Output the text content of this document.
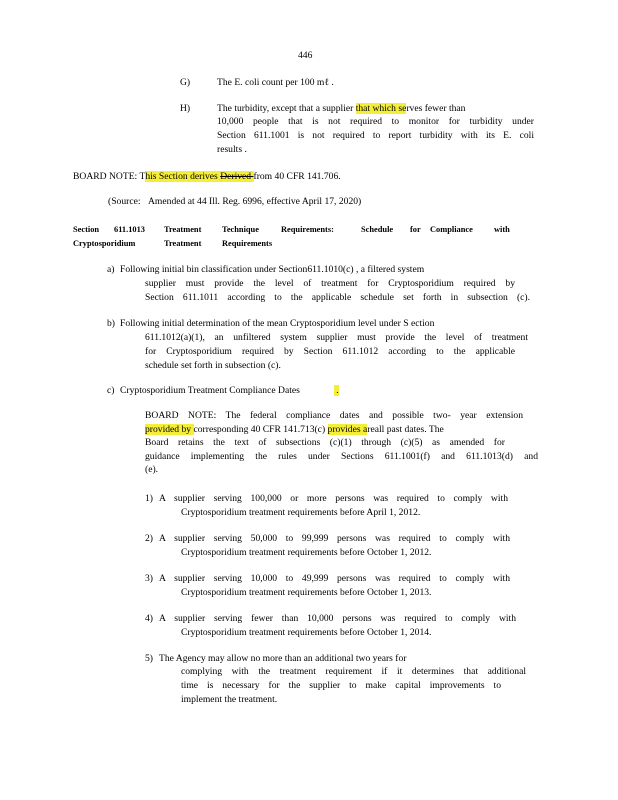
446
G)	The E. coli count per 100 mℓ .
H)	The turbidity, except that a supplier that which serves fewer than
10,000 people that is not required to monitor for turbidity under
Section 611.1001 is not required to report turbidity with its E. coli
results .
BOARD NOTE: This Section derives Derived from 40 CFR 141.706.
(Source: Amended at 44 Ill. Reg. 6996, effective April 17, 2020)
Section 611.1013 Treatment Technique	Requirements:	Schedule for Compliance	with
Cryptosporidium	Treatment Requirements
a) Following initial bin classification under Section611.1010(c) , a filtered system
supplier must provide the level of treatment for Cryptosporidium required by
Section 611.1011 according to the applicable schedule set forth in subsection (c).
b) Following initial determination of the mean Cryptosporidium level under S ection
611.1012(a)(1), an unfiltered system supplier must provide the level of treatment
for Cryptosporidium required by Section 611.1012 according to the applicable
schedule set forth in subsection (c).
c) Cryptosporidium Treatment Compliance Dates	.
BOARD NOTE: The federal compliance dates and possible two- year extension
provided by corresponding 40 CFR 141.713(c) provides areall past dates. The
Board retains the text of subsections (c)(1) through (c)(5) as amended for
guidance implementing the rules under Sections 611.1001(f) and 611.1013(d) and
(e).
1) A supplier serving 100,000 or more persons was required to comply with
Cryptosporidium treatment requirements before April 1, 2012.
2) A supplier serving 50,000 to 99,999 persons was required to comply with
Cryptosporidium treatment requirements before October 1, 2012.
3) A supplier serving 10,000 to 49,999 persons was required to comply with
Cryptosporidium treatment requirements before October 1, 2013.
4) A supplier serving fewer than 10,000 persons was required to comply with
Cryptosporidium treatment requirements before October 1, 2014.
5) The Agency may allow no more than an additional two years for
complying with the treatment requirement if it determines that additional
time is necessary for the supplier to make capital improvements to
implement the treatment.
